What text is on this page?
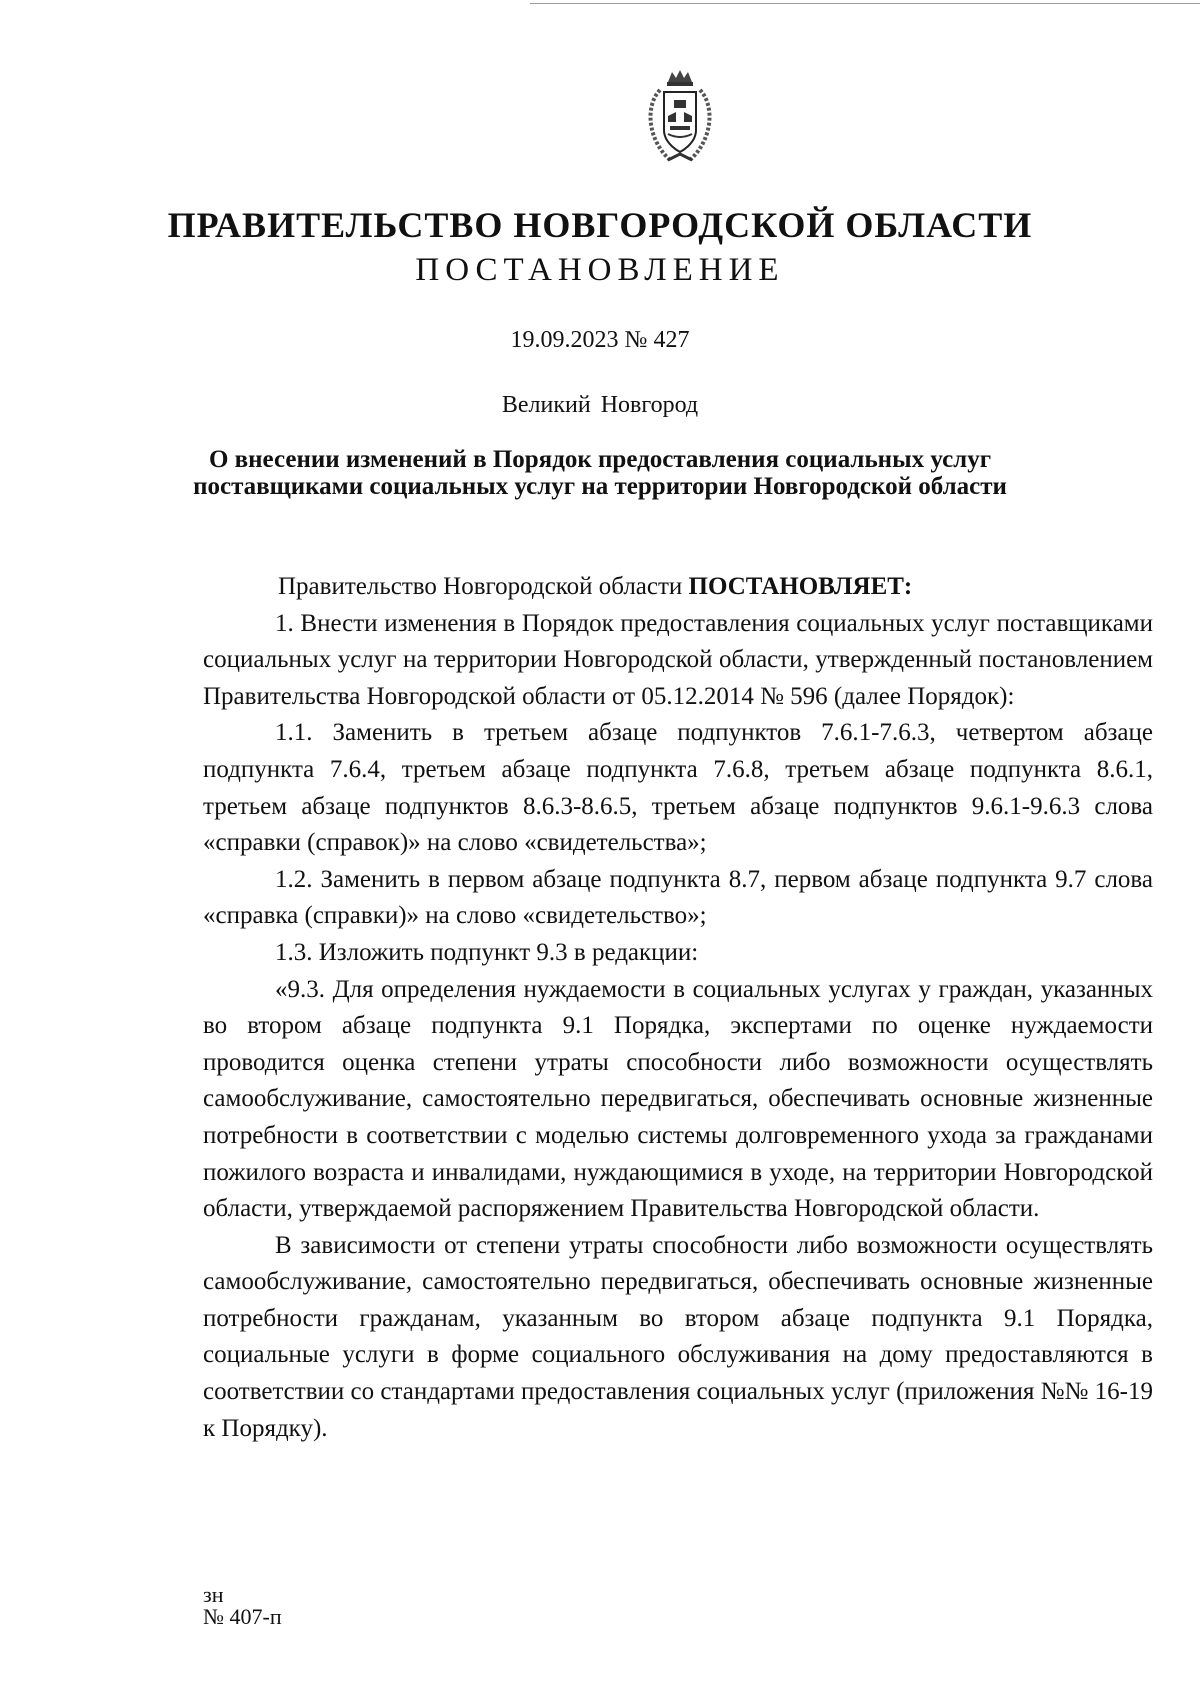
ПРАВИТЕЛЬСТВО НОВГОРОДСКОЙ ОБЛАСТИ
ПОСТАНОВЛЕНИЕ
19.09.2023 № 427
Великий Новгород
О внесении изменений в Порядок предоставления социальных услуг
поставщиками социальных услуг на территории Новгородской области

Правительство Новгородской области ПОСТАНОВЛЯЕТ:

1. Внести изменения в Порядок предоставления социальных услуг поставщиками социальных услуг на территории Новгородской области, утвержденный постановлением Правительства Новгородской области от 05.12.2014 № 596 (далее Порядок):

1.1. Заменить в третьем абзаце подпунктов 7.6.1-7.6.3, четвертом абзаце подпункта 7.6.4, третьем абзаце подпункта 7.6.8, третьем абзаце подпункта 8.6.1, третьем абзаце подпунктов 8.6.3-8.6.5, третьем абзаце подпунктов 9.6.1-9.6.3 слова «справки (справок)» на слово «свидетельства»;

1.2. Заменить в первом абзаце подпункта 8.7, первом абзаце подпункта 9.7 слова «справка (справки)» на слово «свидетельство»;

1.3. Изложить подпункт 9.3 в редакции:

«9.3. Для определения нуждаемости в социальных услугах у граждан, указанных во втором абзаце подпункта 9.1 Порядка, экспертами по оценке нуждаемости проводится оценка степени утраты способности либо возможности осуществлять самообслуживание, самостоятельно передвигаться, обеспечивать основные жизненные потребности в соответствии с моделью системы долговременного ухода за гражданами пожилого возраста и инвалидами, нуждающимися в уходе, на территории Новгородской области, утверждаемой распоряжением Правительства Новгородской области.

В зависимости от степени утраты способности либо возможности осуществлять самообслуживание, самостоятельно передвигаться, обеспечивать основные жизненные потребности гражданам, указанным во втором абзаце подпункта 9.1 Порядка, социальные услуги в форме социального обслуживания на дому предоставляются в соответствии со стандартами предоставления социальных услуг (приложения №№ 16-19 к Порядку).

зн
№ 407-п
